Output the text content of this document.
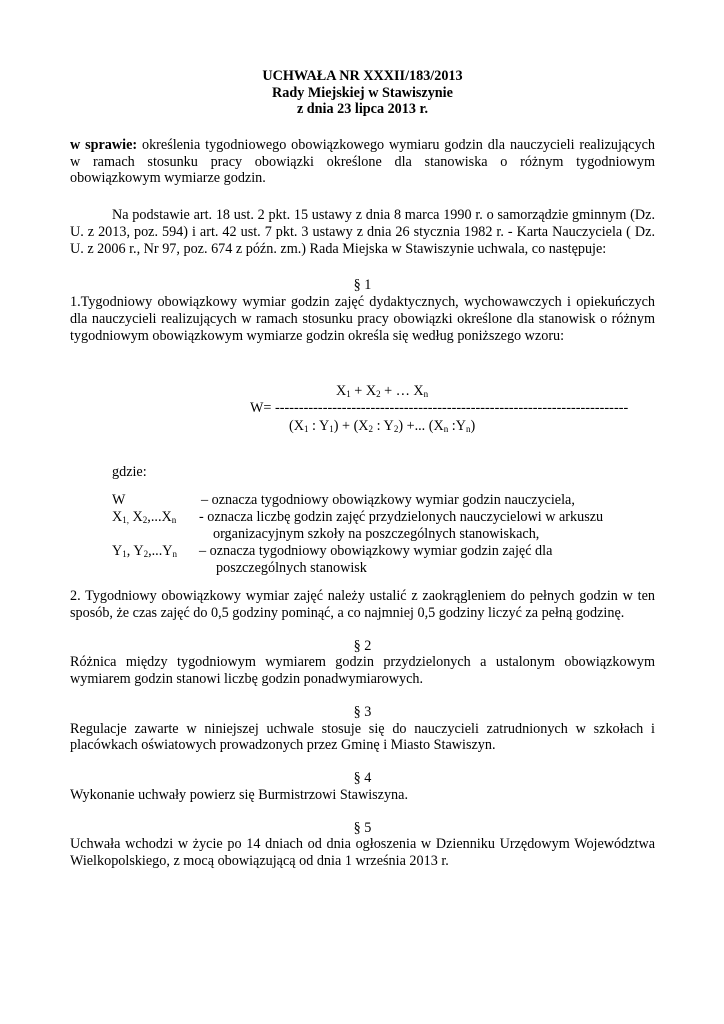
UCHWAŁA NR XXXII/183/2013
Rady Miejskiej w Stawiszynie
z dnia 23 lipca 2013 r.

w sprawie: określenia tygodniowego obowiązkowego wymiaru godzin dla nauczycieli realizujących w ramach stosunku pracy obowiązki określone dla stanowiska o różnym tygodniowym obowiązkowym wymiarze godzin.

Na podstawie art. 18 ust. 2 pkt. 15 ustawy z dnia 8 marca 1990 r. o samorządzie gminnym (Dz. U. z 2013, poz. 594) i art. 42 ust. 7 pkt. 3 ustawy z dnia 26 stycznia 1982 r. - Karta Nauczyciela ( Dz. U. z 2006 r., Nr 97, poz. 674 z późn. zm.) Rada Miejska w Stawiszynie uchwala, co następuje:

§ 1

1.Tygodniowy obowiązkowy wymiar godzin zajęć dydaktycznych, wychowawczych i opiekuńczych dla nauczycieli realizujących w ramach stosunku pracy obowiązki określone dla stanowisk o różnym tygodniowym obowiązkowym wymiarze godzin określa się według poniższego wzoru:

$X_1 + X_2$ + … $X_n$
W= --------------------------------------------------------------------------
($X_1$ : $Y_1) + (X_2$ : $Y_2$) +... ($X_n$ $:Y_n$)
gdzie:
W	– oznacza tygodniowy obowiązkowy wymiar godzin nauczyciela,
$X_{1,}$ $X_2,...X_n$ - oznacza liczbę godzin zajęć przydzielonych nauczycielowi w arkuszu
organizacyjnym szkoły na poszczególnych stanowiskach,
$Y_1$, $Y_2,...Y_n$ – oznacza tygodniowy obowiązkowy wymiar godzin zajęć dla
poszczególnych stanowisk

2. Tygodniowy obowiązkowy wymiar zajęć należy ustalić z zaokrągleniem do pełnych godzin w ten sposób, że czas zajęć do 0,5 godziny pominąć, a co najmniej 0,5 godziny liczyć za pełną godzinę.

§ 2

Różnica między tygodniowym wymiarem godzin przydzielonych a ustalonym obowiązkowym wymiarem godzin stanowi liczbę godzin ponadwymiarowych.

§ 3

Regulacje zawarte w niniejszej uchwale stosuje się do nauczycieli zatrudnionych w szkołach i placówkach oświatowych prowadzonych przez Gminę i Miasto Stawiszyn.

§ 4

Wykonanie uchwały powierz się Burmistrzowi Stawiszyna.

§ 5

Uchwała wchodzi w życie po 14 dniach od dnia ogłoszenia w Dzienniku Urzędowym Województwa Wielkopolskiego, z mocą obowiązującą od dnia 1 września 2013 r.
